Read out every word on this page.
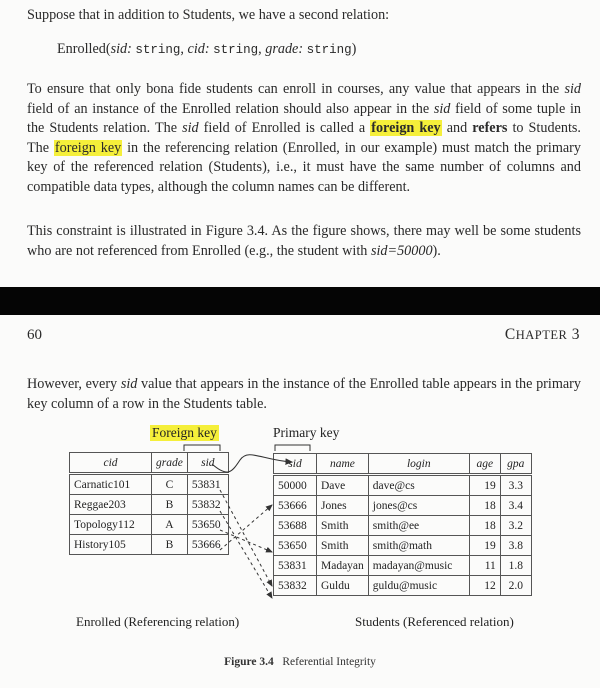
Suppose that in addition to Students, we have a second relation:
Enrolled(sid: string, cid: string, grade: string)
To ensure that only bona fide students can enroll in courses, any value that appears in the sid field of an instance of the Enrolled relation should also appear in the sid field of some tuple in the Students relation. The sid field of Enrolled is called a foreign key and refers to Students. The foreign key in the referencing relation (Enrolled, in our example) must match the primary key of the referenced relation (Students), i.e., it must have the same number of columns and compatible data types, although the column names can be different.
This constraint is illustrated in Figure 3.4. As the figure shows, there may well be some students who are not referenced from Enrolled (e.g., the student with sid=50000).
60	CHAPTER 3
However, every sid value that appears in the instance of the Enrolled table appears in the primary key column of a row in the Students table.
Foreign key	Primary key
cid	grade	sid
Carnatic101	C	53831
Reggae203	B	53832
Topology112	A	53650
History105	B	53666
sid	name	login	age	gpa
50000	Dave	dave@cs	19	3.3
53666	Jones	jones@cs	18	3.4
53688	Smith	smith@ee	18	3.2
53650	Smith	smith@math	19	3.8
53831	Madayan	madayan@music	11	1.8
53832	Guldu	guldu@music	12	2.0
Enrolled (Referencing relation)	Students (Referenced relation)
Figure 3.4 Referential Integrity
